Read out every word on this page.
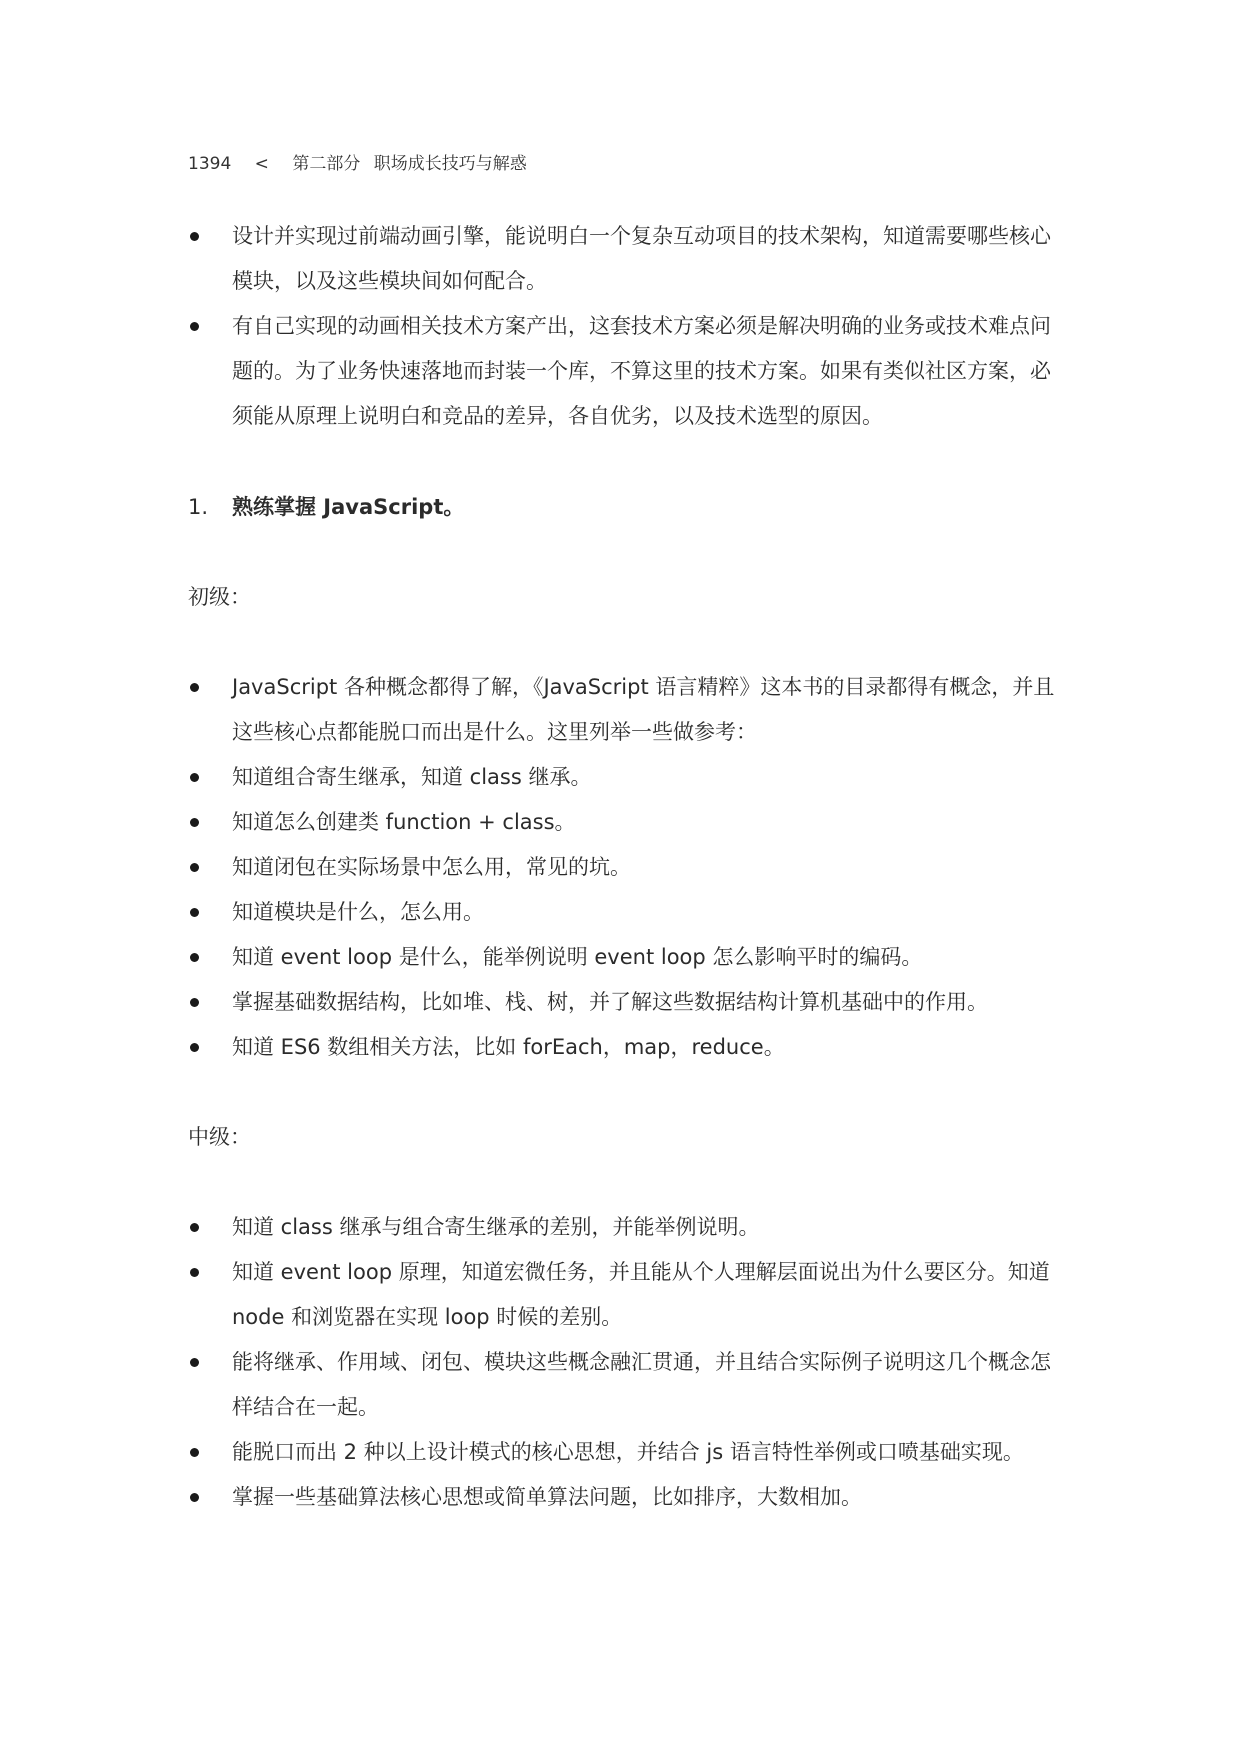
1394 < 第二部分 职场成长技巧与解惑
设计并实现过前端动画引擎，能说明白一个复杂互动项目的技术架构，知道需要哪些核心模块，以及这些模块间如何配合。
有自己实现的动画相关技术方案产出，这套技术方案必须是解决明确的业务或技术难点问题的。为了业务快速落地而封装一个库，不算这里的技术方案。如果有类似社区方案，必须能从原理上说明白和竞品的差异，各自优劣，以及技术选型的原因。
1. 熟练掌握 JavaScript。
初级：
JavaScript 各种概念都得了解，《JavaScript 语言精粹》这本书的目录都得有概念，并且这些核心点都能脱口而出是什么。这里列举一些做参考：
知道组合寄生继承，知道 class 继承。
知道怎么创建类 function + class。
知道闭包在实际场景中怎么用，常见的坑。
知道模块是什么，怎么用。
知道 event loop 是什么，能举例说明 event loop 怎么影响平时的编码。
掌握基础数据结构，比如堆、栈、树，并了解这些数据结构计算机基础中的作用。
知道 ES6 数组相关方法，比如 forEach，map，reduce。
中级：
知道 class 继承与组合寄生继承的差别，并能举例说明。
知道 event loop 原理，知道宏微任务，并且能从个人理解层面说出为什么要区分。知道 node 和浏览器在实现 loop 时候的差别。
能将继承、作用域、闭包、模块这些概念融汇贯通，并且结合实际例子说明这几个概念怎样结合在一起。
能脱口而出 2 种以上设计模式的核心思想，并结合 js 语言特性举例或口喷基础实现。
掌握一些基础算法核心思想或简单算法问题，比如排序，大数相加。
